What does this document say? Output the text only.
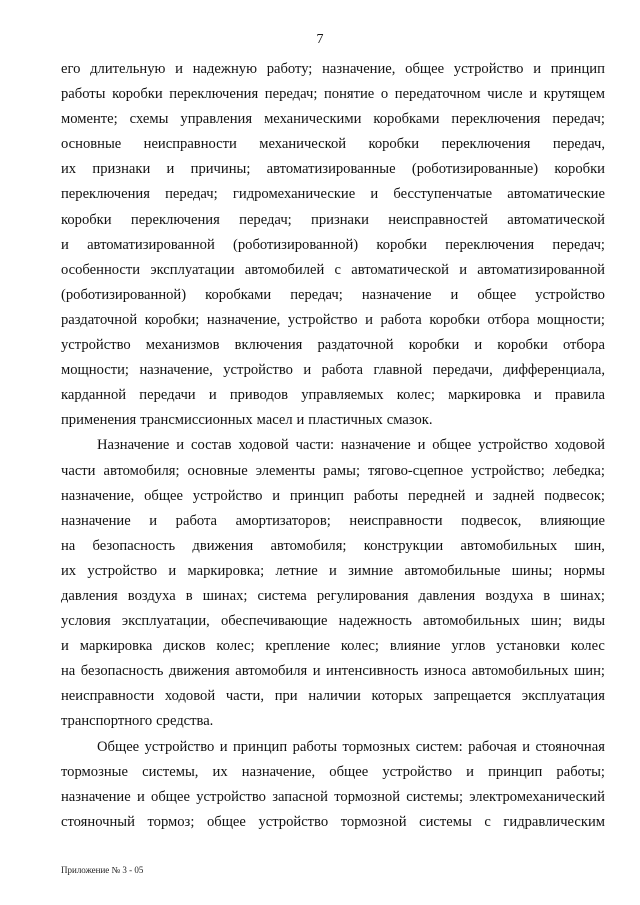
7
его длительную и надежную работу; назначение, общее устройство и принцип
работы коробки переключения передач; понятие о передаточном числе и крутящем
моменте; схемы управления механическими коробками переключения передач;
основные неисправности механической коробки переключения передач,
их признаки и причины; автоматизированные (роботизированные) коробки
переключения передач; гидромеханические и бесступенчатые автоматические
коробки переключения передач; признаки неисправностей автоматической
и автоматизированной (роботизированной) коробки переключения передач;
особенности эксплуатации автомобилей с автоматической и автоматизированной
(роботизированной) коробками передач; назначение и общее устройство
раздаточной коробки; назначение, устройство и работа коробки отбора мощности;
устройство механизмов включения раздаточной коробки и коробки отбора
мощности; назначение, устройство и работа главной передачи, дифференциала,
карданной передачи и приводов управляемых колес; маркировка и правила
применения трансмиссионных масел и пластичных смазок.
Назначение и состав ходовой части: назначение и общее устройство ходовой
части автомобиля; основные элементы рамы; тягово-сцепное устройство; лебедка;
назначение, общее устройство и принцип работы передней и задней подвесок;
назначение и работа амортизаторов; неисправности подвесок, влияющие
на безопасность движения автомобиля; конструкции автомобильных шин,
их устройство и маркировка; летние и зимние автомобильные шины; нормы
давления воздуха в шинах; система регулирования давления воздуха в шинах;
условия эксплуатации, обеспечивающие надежность автомобильных шин; виды
и маркировка дисков колес; крепление колес; влияние углов установки колес
на безопасность движения автомобиля и интенсивность износа автомобильных шин;
неисправности ходовой части, при наличии которых запрещается эксплуатация
транспортного средства.
Общее устройство и принцип работы тормозных систем: рабочая и стояночная
тормозные системы, их назначение, общее устройство и принцип работы;
назначение и общее устройство запасной тормозной системы; электромеханический
стояночный тормоз; общее устройство тормозной системы с гидравлическим
Приложение № 3 - 05
